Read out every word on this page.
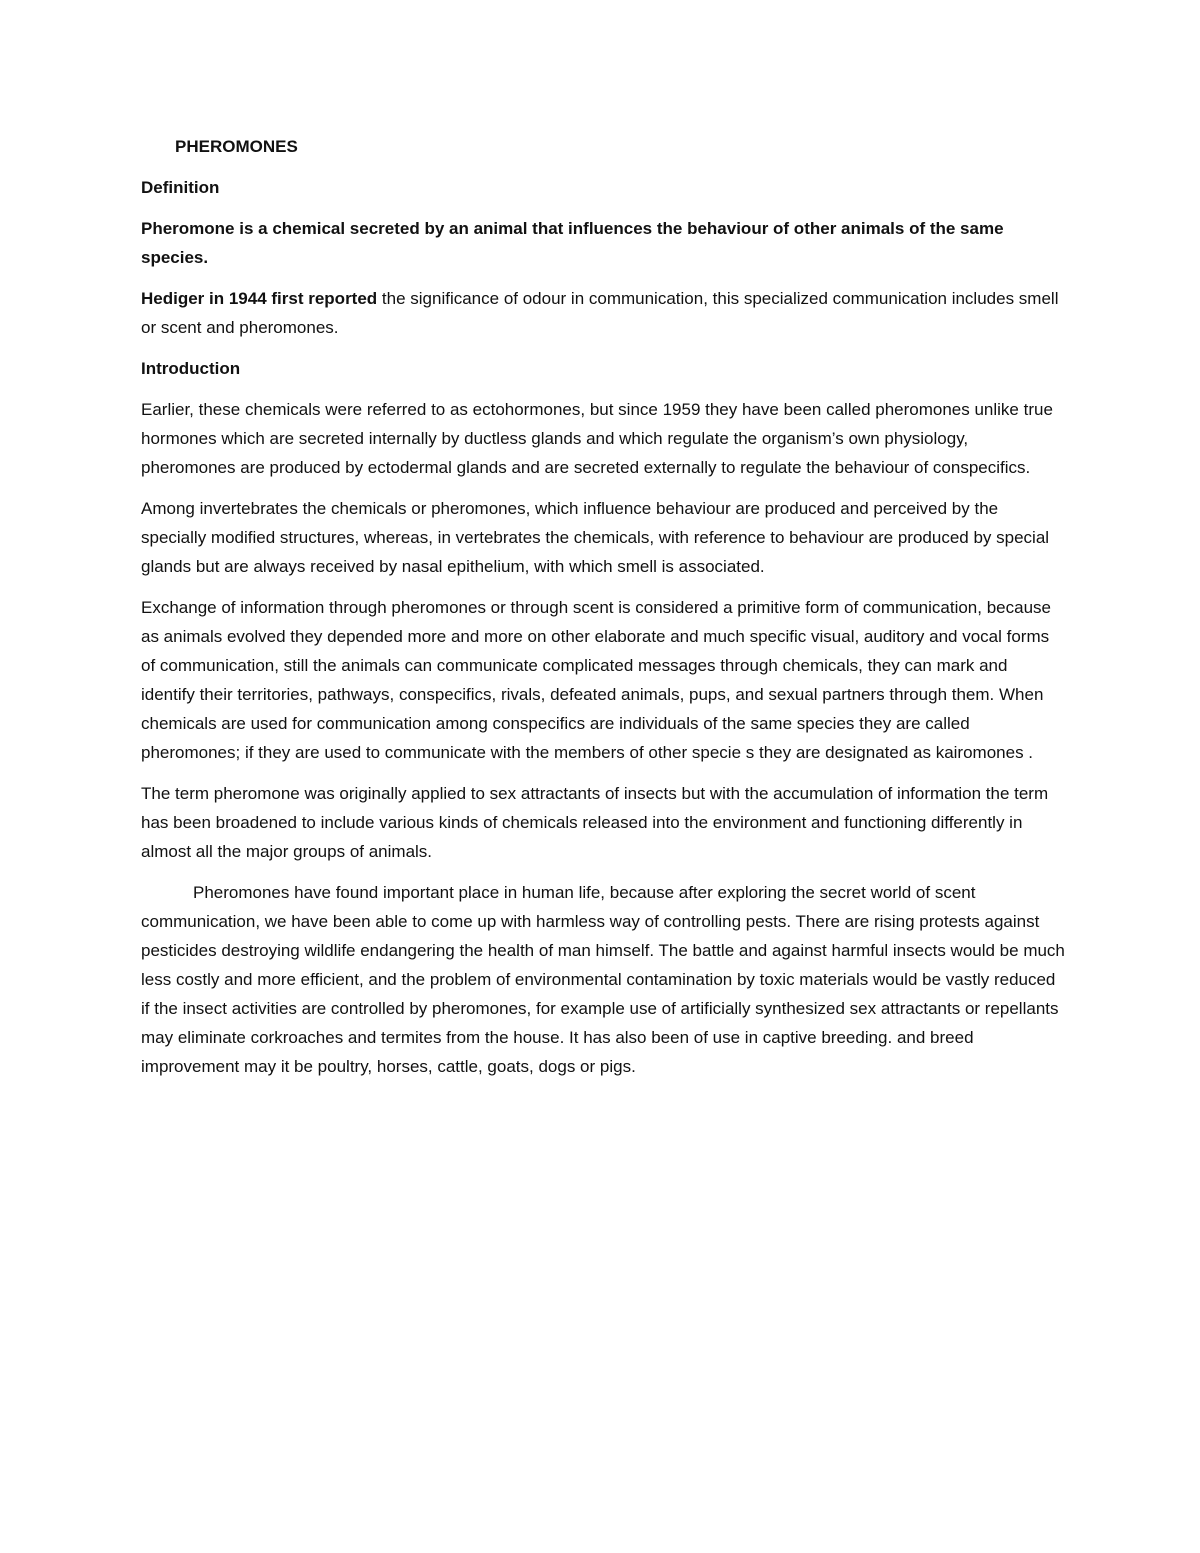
PHEROMONES

Definition

Pheromone is a chemical secreted by an animal that influences the behaviour of other animals of the same species.

Hediger in 1944 first reported the significance of odour in communication, this specialized communication includes smell or scent and pheromones.

Introduction

Earlier, these chemicals were referred to as ectohormones, but since 1959 they have been called pheromones unlike true hormones which are secreted internally by ductless glands and which regulate the organism’s own physiology, pheromones are produced by ectodermal glands and are secreted externally to regulate the behaviour of conspecifics.

Among invertebrates the chemicals or pheromones, which influence behaviour are produced and perceived by the specially modified structures, whereas, in vertebrates the chemicals, with reference to behaviour are produced by special glands but are always received by nasal epithelium, with which smell is associated.

Exchange of information through pheromones or through scent is considered a primitive form of communication, because as animals evolved they depended more and more on other elaborate and much specific visual, auditory and vocal forms of communication, still the animals can communicate complicated messages through chemicals, they can mark and identify their territories, pathways, conspecifics, rivals, defeated animals, pups, and sexual partners through them. When chemicals are used for communication among conspecifics are individuals of the same species they are called pheromones; if they are used to communicate with the members of other specie s they are designated as kairomones .

The term pheromone was originally applied to sex attractants of insects but with the accumulation of information the term has been broadened to include various kinds of chemicals released into the environment and functioning differently in almost all the major groups of animals.

Pheromones have found important place in human life, because after exploring the secret world of scent communication, we have been able to come up with harmless way of controlling pests. There are rising protests against pesticides destroying wildlife endangering the health of man himself. The battle and against harmful insects would be much less costly and more efficient, and the problem of environmental contamination by toxic materials would be vastly reduced if the insect activities are controlled by pheromones, for example use of artificially synthesized sex attractants or repellants may eliminate corkroaches and termites from the house. It has also been of use in captive breeding. and breed improvement may it be poultry, horses, cattle, goats, dogs or pigs.
